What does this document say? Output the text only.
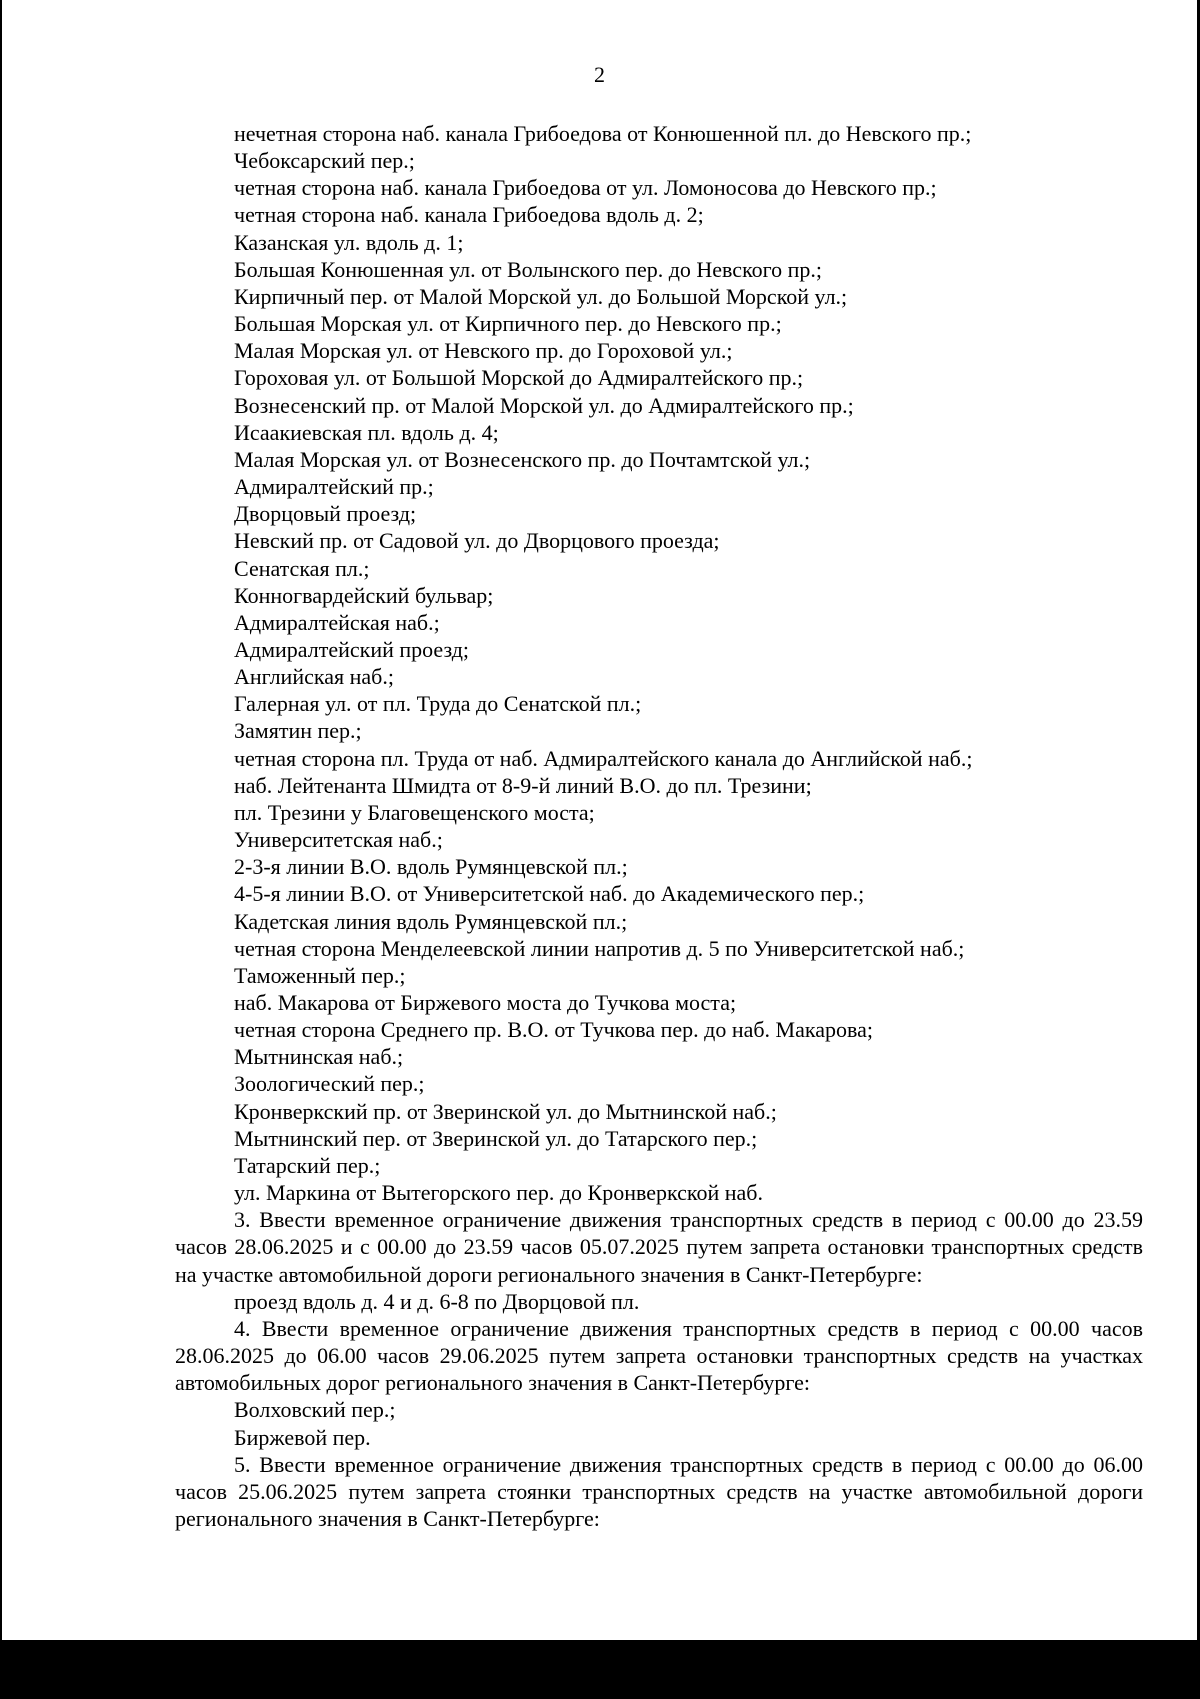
2

нечетная сторона наб. канала Грибоедова от Конюшенной пл. до Невского пр.;

Чебоксарский пер.;

четная сторона наб. канала Грибоедова от ул. Ломоносова до Невского пр.;

четная сторона наб. канала Грибоедова вдоль д. 2;

Казанская ул. вдоль д. 1;

Большая Конюшенная ул. от Волынского пер. до Невского пр.;

Кирпичный пер. от Малой Морской ул. до Большой Морской ул.;

Большая Морская ул. от Кирпичного пер. до Невского пр.;

Малая Морская ул. от Невского пр. до Гороховой ул.;

Гороховая ул. от Большой Морской до Адмиралтейского пр.;

Вознесенский пр. от Малой Морской ул. до Адмиралтейского пр.;

Исаакиевская пл. вдоль д. 4;

Малая Морская ул. от Вознесенского пр. до Почтамтской ул.;

Адмиралтейский пр.;

Дворцовый проезд;

Невский пр. от Садовой ул. до Дворцового проезда;

Сенатская пл.;

Конногвардейский бульвар;

Адмиралтейская наб.;

Адмиралтейский проезд;

Английская наб.;

Галерная ул. от пл. Труда до Сенатской пл.;

Замятин пер.;

четная сторона пл. Труда от наб. Адмиралтейского канала до Английской наб.;

наб. Лейтенанта Шмидта от 8-9-й линий В.О. до пл. Трезини;

пл. Трезини у Благовещенского моста;

Университетская наб.;

2-3-я линии В.О. вдоль Румянцевской пл.;

4-5-я линии В.О. от Университетской наб. до Академического пер.;

Кадетская линия вдоль Румянцевской пл.;

четная сторона Менделеевской линии напротив д. 5 по Университетской наб.;

Таможенный пер.;

наб. Макарова от Биржевого моста до Тучкова моста;

четная сторона Среднего пр. В.О. от Тучкова пер. до наб. Макарова;

Мытнинская наб.;

Зоологический пер.;

Кронверкский пр. от Зверинской ул. до Мытнинской наб.;

Мытнинский пер. от Зверинской ул. до Татарского пер.;

Татарский пер.;

ул. Маркина от Вытегорского пер. до Кронверкской наб.

3. Ввести временное ограничение движения транспортных средств в период с 00.00 до 23.59 часов 28.06.2025 и с 00.00 до 23.59 часов 05.07.2025 путем запрета остановки транспортных средств на участке автомобильной дороги регионального значения в Санкт-Петербурге:

проезд вдоль д. 4 и д. 6-8 по Дворцовой пл.

4. Ввести временное ограничение движения транспортных средств в период с 00.00 часов 28.06.2025 до 06.00 часов 29.06.2025 путем запрета остановки транспортных средств на участках автомобильных дорог регионального значения в Санкт-Петербурге:

Волховский пер.;

Биржевой пер.

5. Ввести временное ограничение движения транспортных средств в период с 00.00 до 06.00 часов 25.06.2025 путем запрета стоянки транспортных средств на участке автомобильной дороги регионального значения в Санкт-Петербурге:
